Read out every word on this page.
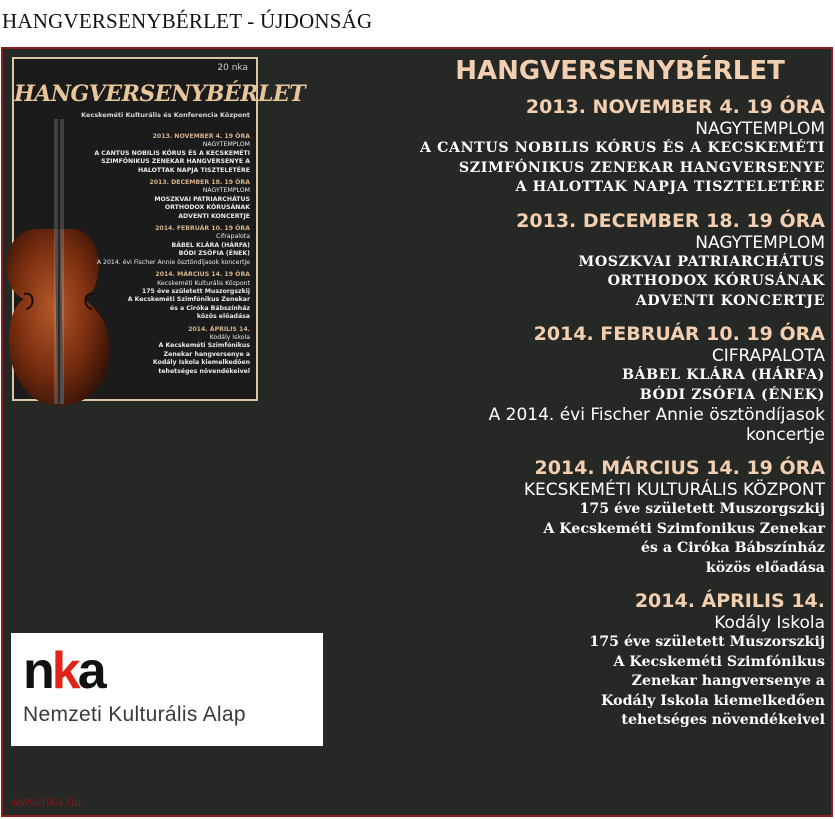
HANGVERSENYBÉRLET - ÚJDONSÁG
20 nka
HANGVERSENYBÉRLET
Kecskeméti Kulturális és Konferencia Központ
2013. NOVEMBER 4. 19 ÓRA
NAGYTEMPLOM
A CANTUS NOBILIS KÓRUS ÉS A KECSKEMÉTI
SZIMFÓNIKUS ZENEKAR HANGVERSENYE A
HALOTTAK NAPJA TISZTELETÉRE
2013. DECEMBER 18. 19 ÓRA
NAGYTEMPLOM
MOSZKVAI PATRIARCHÁTUS
ORTHODOX KÓRUSÁNAK
ADVENTI KONCERTJE
2014. FEBRUÁR 10. 19 ÓRA
Cifrapalota
BÁBEL KLÁRA (HÁRFA)
BÓDI ZSÓFIA (ÉNEK)
A 2014. évi Fischer Annie ösztöndíjasok koncertje
2014. MÁRCIUS 14. 19 ÓRA
Kecskeméti Kulturális Központ
175 éve született Muszorgszkij
A Kecskeméti Szimfónikus Zenekar
és a Ciróka Bábszínház
közös előadása
2014. ÁPRILIS 14.
Kodály Iskola
A Kecskeméti Szimfónikus
Zenekar hangversenye a
Kodály Iskola kiemelkedően
tehetséges növendékeivel
nka
Nemzeti Kulturális Alap
www.nka.hu
HANGVERSENYBÉRLET
2013. NOVEMBER 4. 19 ÓRA
NAGYTEMPLOM
A CANTUS NOBILIS KÓRUS ÉS A KECSKEMÉTI
SZIMFÓNIKUS ZENEKAR HANGVERSENYE
A HALOTTAK NAPJA TISZTELETÉRE
2013. DECEMBER 18. 19 ÓRA
NAGYTEMPLOM
MOSZKVAI PATRIARCHÁTUS
ORTHODOX KÓRUSÁNAK
ADVENTI KONCERTJE
2014. FEBRUÁR 10. 19 ÓRA
CIFRAPALOTA
BÁBEL KLÁRA (HÁRFA)
BÓDI ZSÓFIA (ÉNEK)
A 2014. évi Fischer Annie ösztöndíjasok
koncertje
2014. MÁRCIUS 14. 19 ÓRA
KECSKEMÉTI KULTURÁLIS KÖZPONT
175 éve született Muszorgszkij
A Kecskeméti Szimfonikus Zenekar
és a Ciróka Bábszínház
közös előadása
2014. ÁPRILIS 14.
Kodály Iskola
175 éve született Muszorszkij
A Kecskeméti Szimfónikus
Zenekar hangversenye a
Kodály Iskola kiemelkedően
tehetséges növendékeivel
